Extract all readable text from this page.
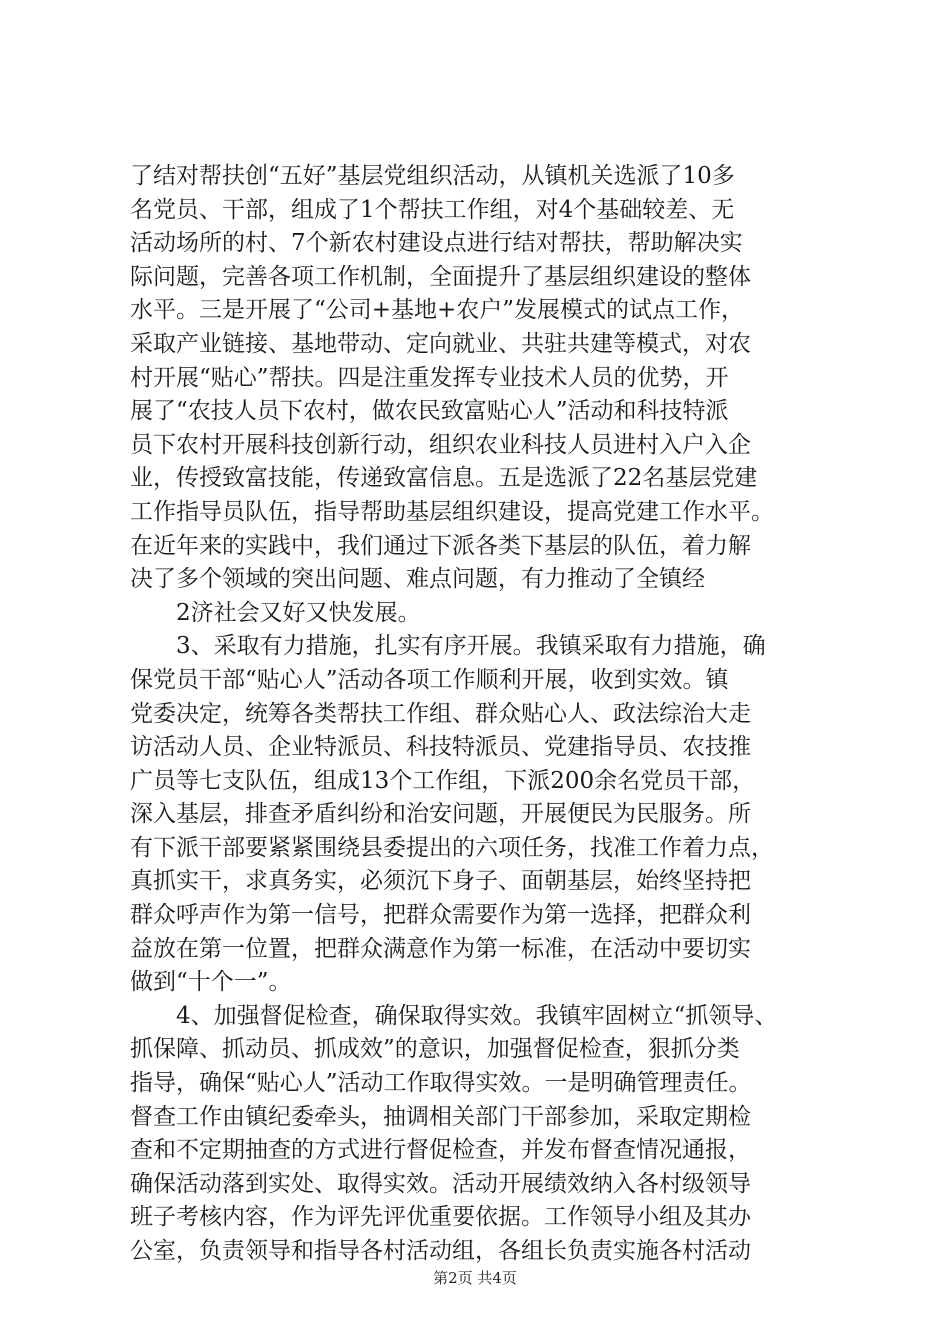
了结对帮扶创“五好”基层党组织活动，从镇机关选派了10多
名党员、干部，组成了1个帮扶工作组，对4个基础较差、无
活动场所的村、7个新农村建设点进行结对帮扶，帮助解决实
际问题，完善各项工作机制，全面提升了基层组织建设的整体
水平。三是开展了“公司+基地+农户”发展模式的试点工作，
采取产业链接、基地带动、定向就业、共驻共建等模式，对农
村开展“贴心”帮扶。四是注重发挥专业技术人员的优势，开
展了“农技人员下农村，做农民致富贴心人”活动和科技特派
员下农村开展科技创新行动，组织农业科技人员进村入户入企
业，传授致富技能，传递致富信息。五是选派了22名基层党建
工作指导员队伍，指导帮助基层组织建设，提高党建工作水平。
在近年来的实践中，我们通过下派各类下基层的队伍，着力解
决了多个领域的突出问题、难点问题，有力推动了全镇经
2济社会又好又快发展。
3、采取有力措施，扎实有序开展。我镇采取有力措施，确
保党员干部“贴心人”活动各项工作顺利开展，收到实效。镇
党委决定，统筹各类帮扶工作组、群众贴心人、政法综治大走
访活动人员、企业特派员、科技特派员、党建指导员、农技推
广员等七支队伍，组成13个工作组，下派200余名党员干部，
深入基层，排查矛盾纠纷和治安问题，开展便民为民服务。所
有下派干部要紧紧围绕县委提出的六项任务，找准工作着力点，
真抓实干，求真务实，必须沉下身子、面朝基层，始终坚持把
群众呼声作为第一信号，把群众需要作为第一选择，把群众利
益放在第一位置，把群众满意作为第一标准，在活动中要切实
做到“十个一”。
4、加强督促检查，确保取得实效。我镇牢固树立“抓领导、
抓保障、抓动员、抓成效”的意识，加强督促检查，狠抓分类
指导，确保“贴心人”活动工作取得实效。一是明确管理责任。
督查工作由镇纪委牵头，抽调相关部门干部参加，采取定期检
查和不定期抽查的方式进行督促检查，并发布督查情况通报，
确保活动落到实处、取得实效。活动开展绩效纳入各村级领导
班子考核内容，作为评先评优重要依据。工作领导小组及其办
公室，负责领导和指导各村活动组，各组长负责实施各村活动
第2页 共4页
